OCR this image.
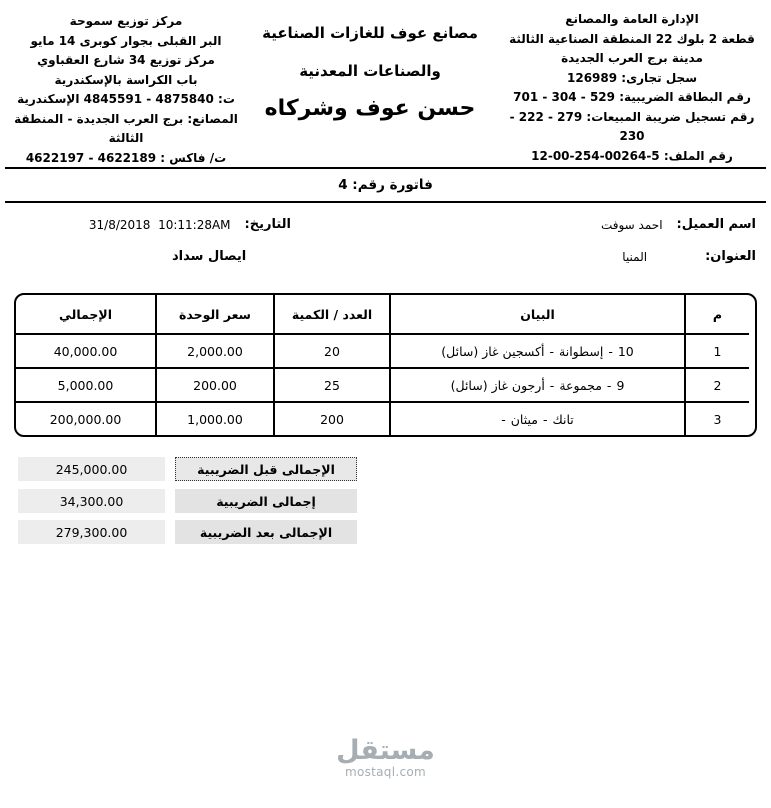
الإدارة العامة والمصانع
قطعة 2 بلوك 22 المنطقة الصناعية الثالثة
مدينة برج العرب الجديدة
سجل تجارى: 126989
رقم البطاقة الضريبية: 529 - 304 - 701
رقم تسجيل ضريبة المبيعات: 279 - 222 - 230
رقم الملف: 5-00264-254-00-12
مركز توزيع سموحة
البر القبلى بجوار كوبرى 14 مايو
مركز توزيع 34 شارع العقباوي
باب الكراسة بالإسكندرية
ت: 4875840 - 4845591 الإسكندرية
المصانع: برج العرب الجديدة - المنطقة الثالثة
ت/ فاكس : 4622189 - 4622197
مصانع عوف للغازات الصناعية
والصناعات المعدنية
حسن عوف وشركاه
فاتورة رقم: 4
اسم العميل:
احمد سوفت
التاريخ:
31/8/2018  10:11:28AM
العنوان:
المنيا
ايصال سداد
الإجمالي	سعر الوحدة	العدد / الكمية	البيان	م
40,000.00	2,000.00	20	أكسجين غاز (سائل) - إسطوانة - 10	1
5,000.00	200.00	25	أرجون غاز (سائل) - مجموعة - 9	2
200,000.00	1,000.00	200	- ميثان - تانك	3
245,000.00	الإجمالى قبل الضريبية
34,300.00	إجمالى الضريبية
279,300.00	الإجمالى بعد الضريبية
مستقل
mostaql.com
